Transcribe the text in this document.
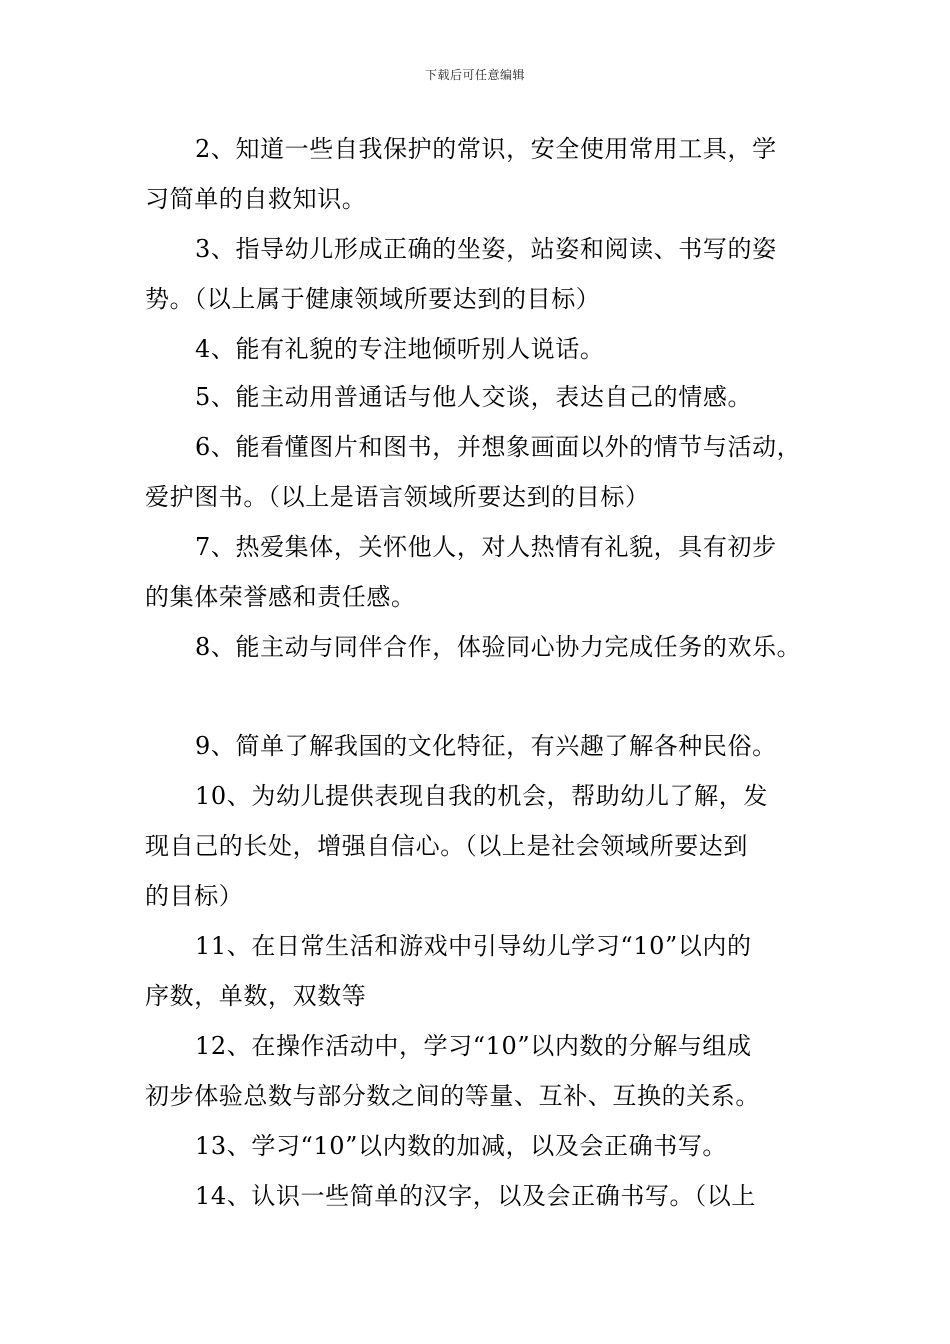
下载后可任意编辑
2、知道一些自我保护的常识，安全使用常用工具，学
习简单的自救知识。
3、指导幼儿形成正确的坐姿，站姿和阅读、书写的姿
势。（以上属于健康领域所要达到的目标）
4、能有礼貌的专注地倾听别人说话。
5、能主动用普通话与他人交谈，表达自己的情感。
6、能看懂图片和图书，并想象画面以外的情节与活动，
爱护图书。（以上是语言领域所要达到的目标）
7、热爱集体，关怀他人，对人热情有礼貌，具有初步
的集体荣誉感和责任感。
8、能主动与同伴合作，体验同心协力完成任务的欢乐。
9、简单了解我国的文化特征，有兴趣了解各种民俗。
10、为幼儿提供表现自我的机会，帮助幼儿了解，发
现自己的长处，增强自信心。（以上是社会领域所要达到
的目标）
11、在日常生活和游戏中引导幼儿学习“10”以内的
序数，单数，双数等
12、在操作活动中，学习“10”以内数的分解与组成
初步体验总数与部分数之间的等量、互补、互换的关系。
13、学习“10”以内数的加减，以及会正确书写。
14、认识一些简单的汉字，以及会正确书写。（以上
